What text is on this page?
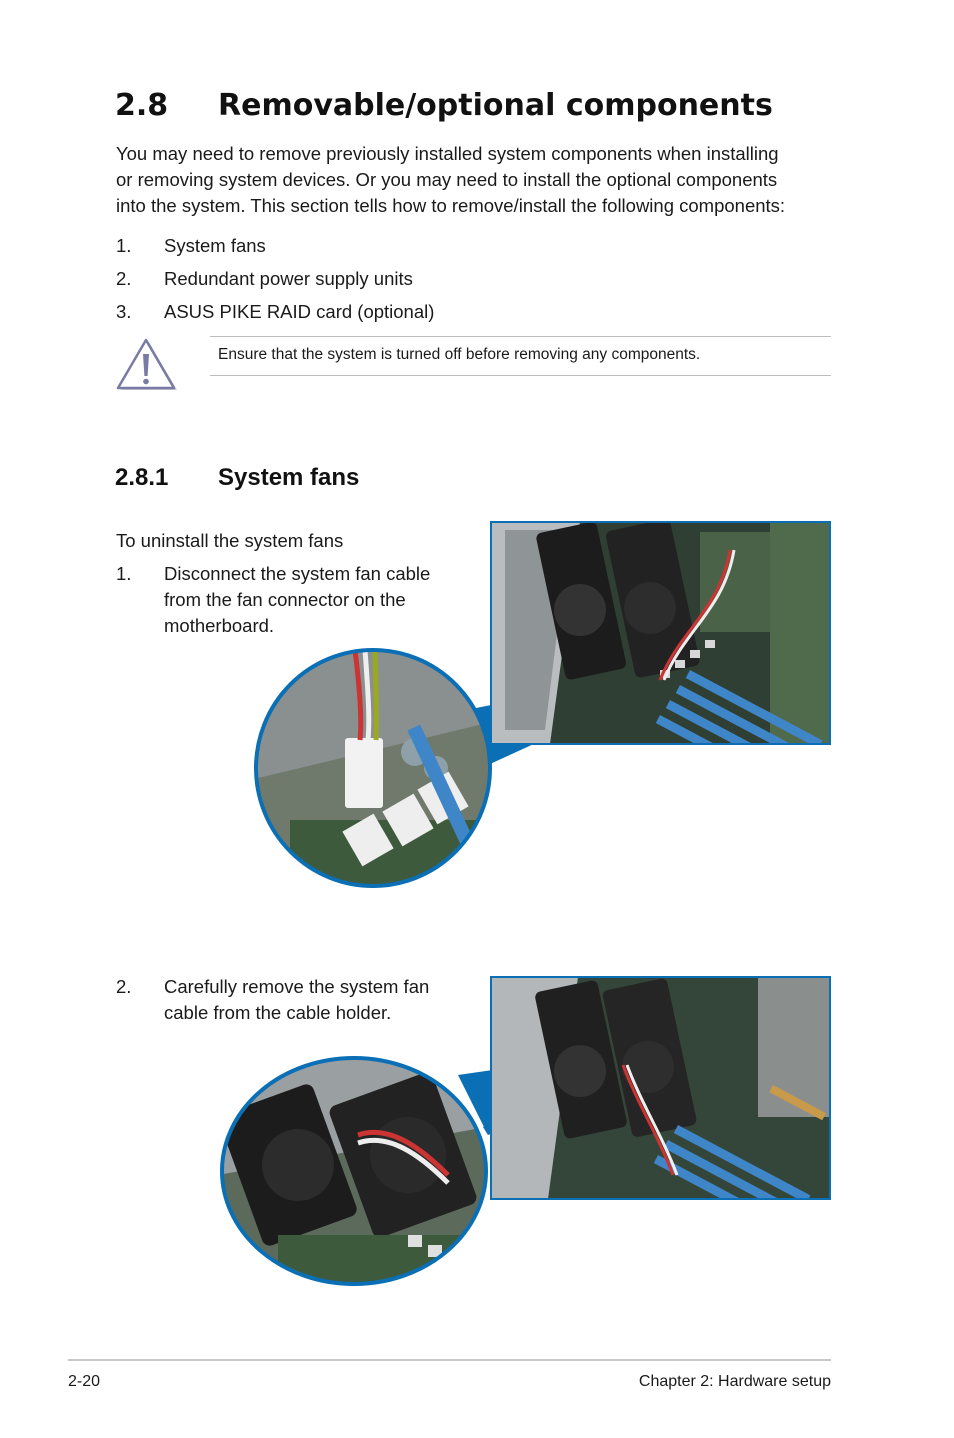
2.8 Removable/optional components

You may need to remove previously installed system components when installing
or removing system devices. Or you may need to install the optional components
into the system. This section tells how to remove/install the following components:

1. System fans
2. Redundant power supply units
3. ASUS PIKE RAID card (optional)
Ensure that the system is turned off before removing any components.
2.8.1 System fans
To uninstall the system fans
1. Disconnect the system fan cable
from the fan connector on the
motherboard.
2. Carefully remove the system fan
cable from the cable holder.
2-20	Chapter 2: Hardware setup
